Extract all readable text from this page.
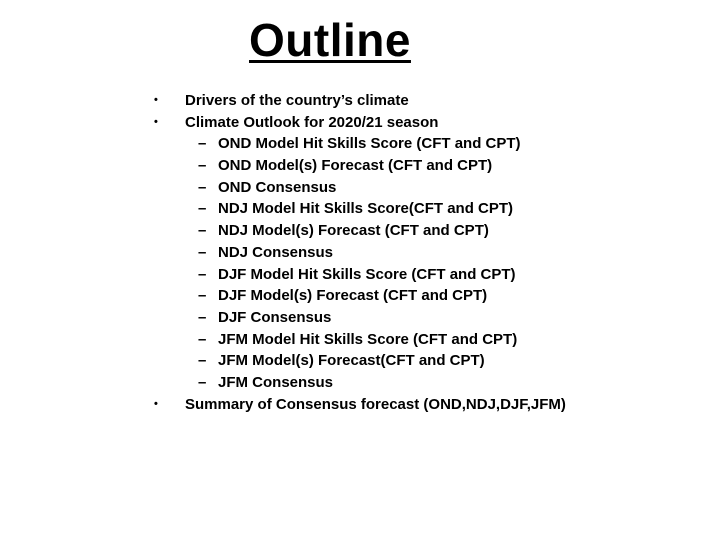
Outline
• Drivers of the country’s climate
• Climate Outlook for 2020/21 season
– OND Model Hit Skills Score (CFT and CPT)
– OND Model(s) Forecast (CFT and CPT)
– OND Consensus
– NDJ Model Hit Skills Score(CFT and CPT)
– NDJ Model(s) Forecast (CFT and CPT)
– NDJ Consensus
– DJF Model Hit Skills Score (CFT and CPT)
– DJF Model(s) Forecast (CFT and CPT)
– DJF Consensus
– JFM Model Hit Skills Score (CFT and CPT)
– JFM Model(s) Forecast(CFT and CPT)
– JFM Consensus
• Summary of Consensus forecast (OND,NDJ,DJF,JFM)
